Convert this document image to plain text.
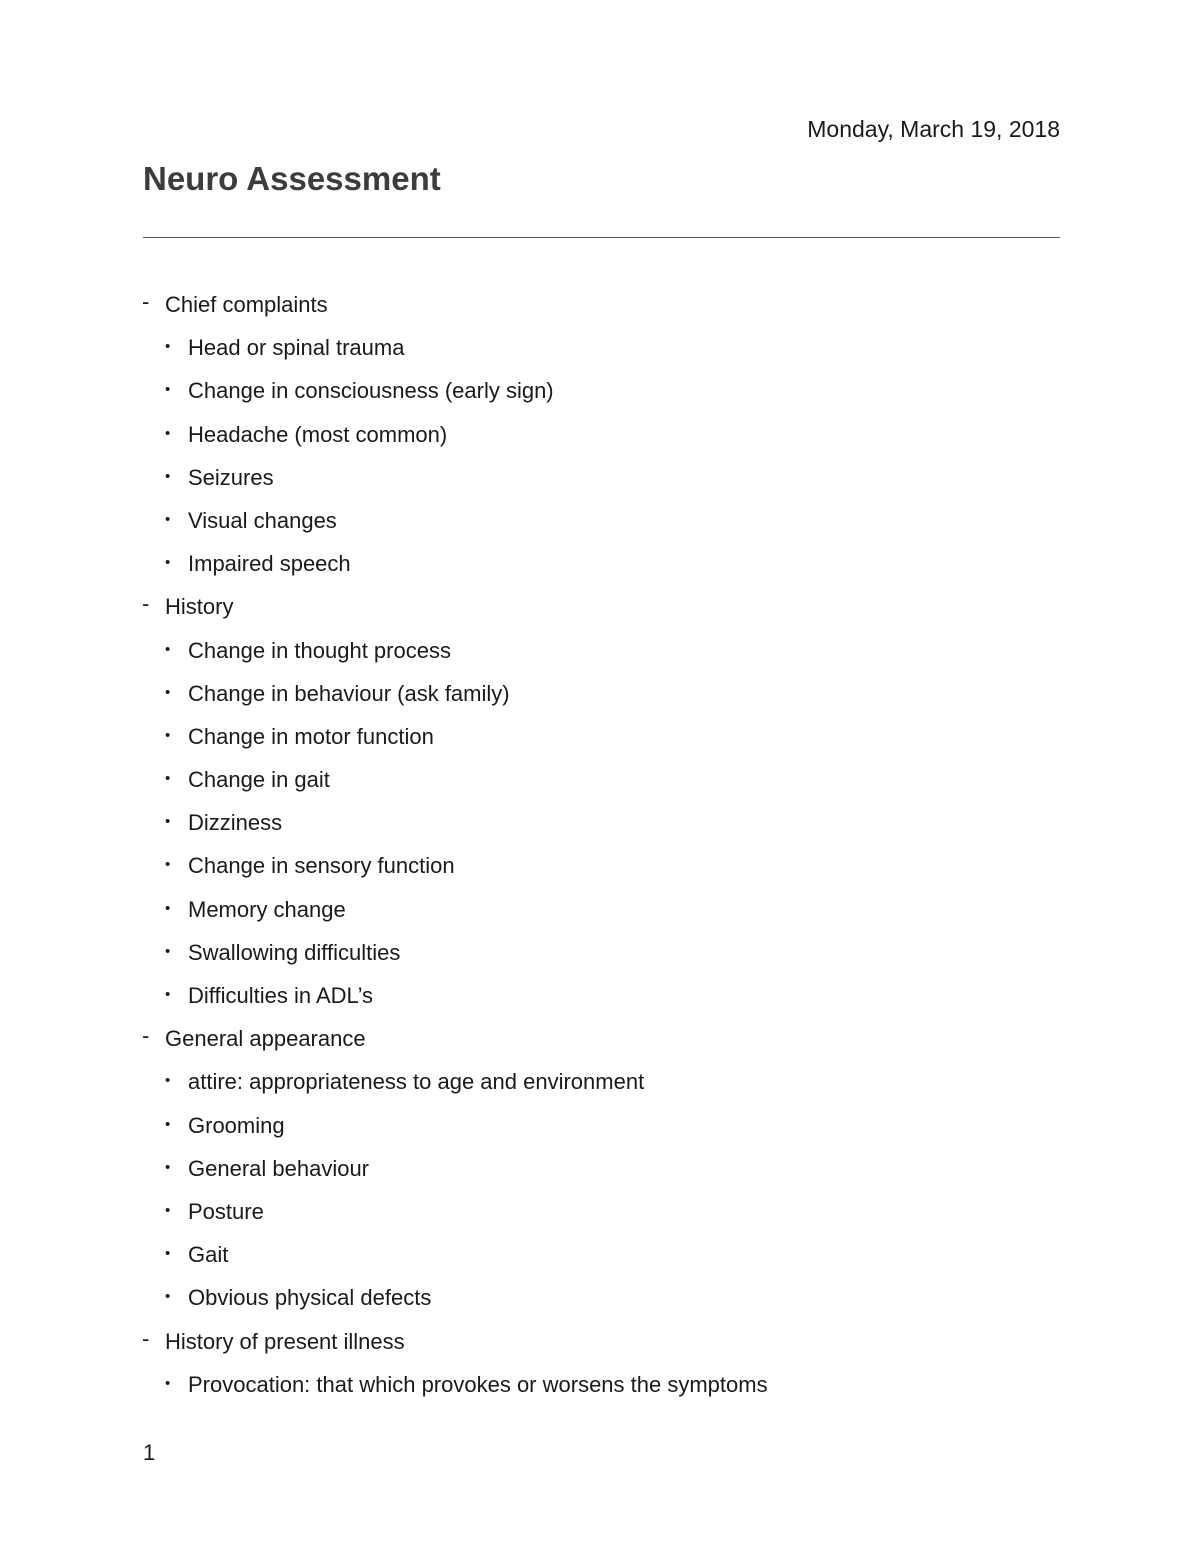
Monday, March 19, 2018
Neuro Assessment
- Chief complaints
• Head or spinal trauma
• Change in consciousness (early sign)
• Headache (most common)
• Seizures
• Visual changes
• Impaired speech
- History
• Change in thought process
• Change in behaviour (ask family)
• Change in motor function
• Change in gait
• Dizziness
• Change in sensory function
• Memory change
• Swallowing difficulties
• Difficulties in ADL’s
- General appearance
• attire: appropriateness to age and environment
• Grooming
• General behaviour
• Posture
• Gait
• Obvious physical defects
- History of present illness
• Provocation: that which provokes or worsens the symptoms
1
